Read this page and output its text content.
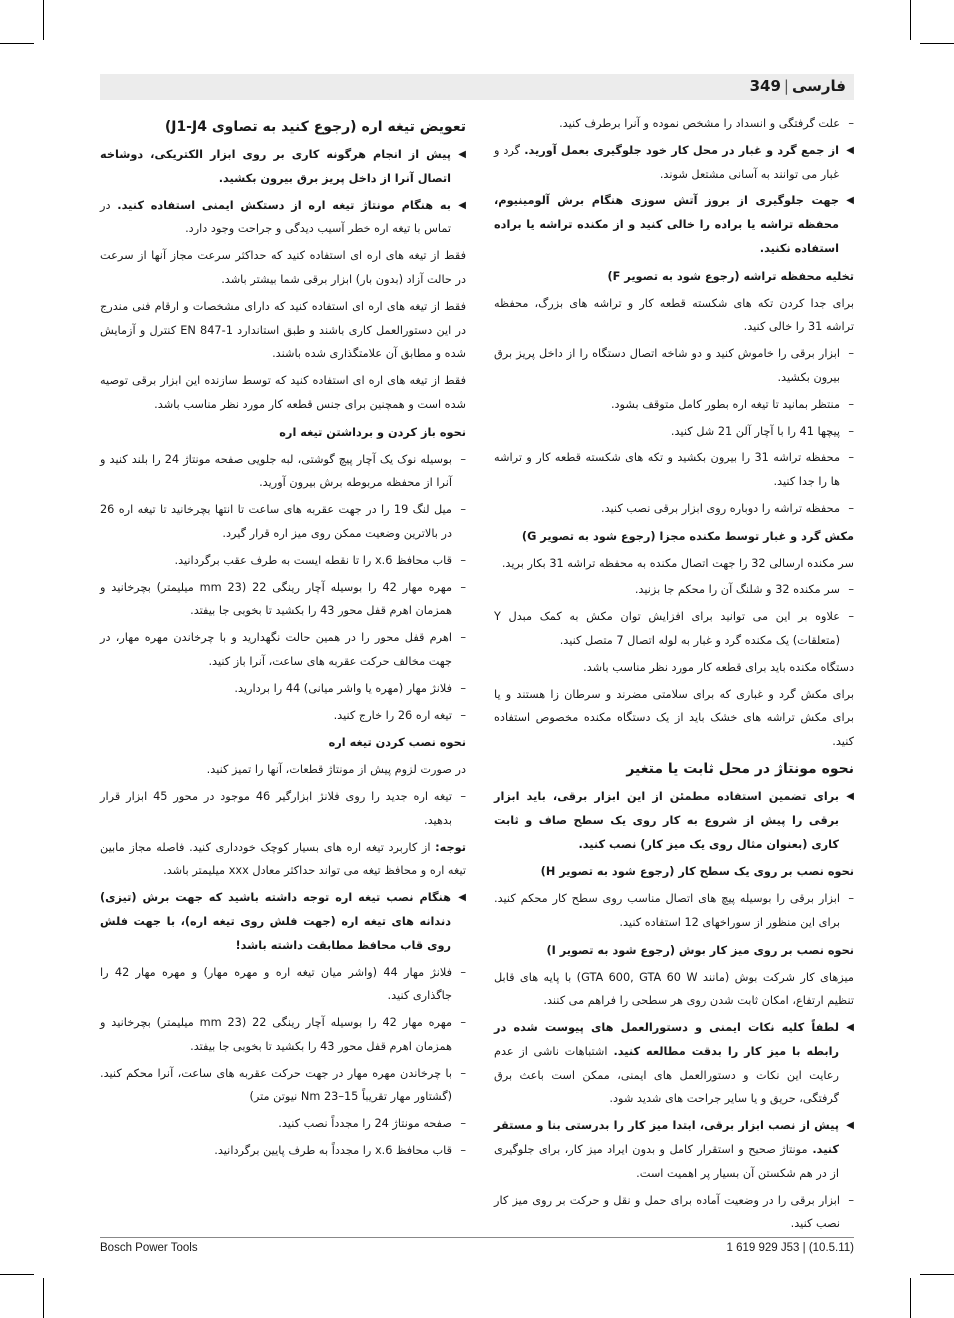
فارسی|349

– علت گرفتگی و انسداد را مشخص نموده و آنرا برطرف کنید.

◀ از جمع گرد و غبار در محل کار خود جلوگیری بعمل آورید. گرد و غبار می توانند به آسانی مشتعل شوند.

◀ جهت جلوگیری از بروز آتش سوزی هنگام برش آلومینیوم، محفظه تراشه یا براده را خالی کنید و از مکنده تراشه یا براده استفاده نکنید.

تخلیه محفظه تراشه (رجوع شود به تصویر F)

برای جدا کردن تکه های شکسته قطعه کار و تراشه های بزرگ، محفظه تراشه 31 را خالی کنید.

– ابزار برقی را خاموش کنید و دو شاخه اتصال دستگاه را از داخل پریز برق بیرون بکشید.

– منتظر بمانید تا تیغه اره بطور کامل متوقف بشود.

– پیچها 41 را با آچار آلن 21 شل کنید.

– محفظه تراشه 31 را بیرون بکشید و تکه های شکسته قطعه کار و تراشه ها را جدا کنید.

– محفظه تراشه را دوباره روی ابزار برقی نصب کنید.

مکش گرد و غبار توسط مکنده مجزا (رجوع شود به تصویر G)

سر مکنده ارسالی 32 را جهت اتصال مکنده به محفظه تراشه 31 بکار برید.

– سر مکنده 32 و شلنگ آن را محکم جا بزنید.

– علاوه بر این می توانید برای افزایش توان مکش به کمک مبدل Y (متعلقات) یک مکنده گرد و غبار به لوله اتصال 7 متصل کنید.

دستگاه مکنده باید برای قطعه کار مورد نظر مناسب باشد.

برای مکش گرد و غباری که برای سلامتی مضرند و سرطان زا هستند و یا برای مکش تراشه های خشک باید از یک دستگاه مکنده مخصوص استفاده کنید.

نحوه مونتاژ در محل ثابت یا متغیر

◀ برای تضمین استفاده مطمئن از این ابزار برقی، باید ابزار برقی را پیش از شروع به کار روی یک سطح صاف و ثابت کاری (بعنوان مثال روی یک میز کار) نصب کنید.

نحوه نصب بر روی یک سطح کار (رجوع شود به تصویر H)

– ابزار برقی را بوسیله پیچ های اتصال مناسب روی سطح کار محکم کنید. برای این منظور از سوراخهای 12 استفاده کنید.

نحوه نصب بر روی میز کار بوش (رجوع شود به تصویر I)

میزهای کار شرکت بوش (مانند GTA 600, GTA 60 W) با پایه های قابل تنظیم ارتفاع، امکان ثابت شدن روی هر سطحی را فراهم می کنند.

◀ لطفاً کلیه نکات ایمنی و دستورالعمل های پیوست شده در رابطه با میز کار را بدقت مطالعه کنید. اشتباهات ناشی از عدم رعایت این نکات و دستورالعمل های ایمنی، ممکن است باعث برق گرفتگی، حریق و یا سایر جراحت های شدید شود.

◀ پیش از نصب ابزار برقی، ابتدا میز کار را بدرستی بنا و مستقر کنید. مونتاژ صحیح و استقرار کامل و بدون ایراد میز کار، برای جلوگیری از در هم شکستن آن بسیار پر اهمیت است.

– ابزار برقی را در وضعیت آماده برای حمل و نقل و حرکت بر روی میز کار نصب کنید.

تعویض تیغه اره (رجوع کنید به تصاوی J1-J4)

◀ پیش از انجام هرگونه کاری بر روی ابزار الکتریکی، دوشاخه اتصال آنرا از داخل پریز برق بیرون بکشید.

◀ به هنگام مونتاژ تیغه اره از دستکش ایمنی استفاده کنید. در تماس با تیغه اره خطر آسیب دیدگی و جراحت وجود دارد.

فقط از تیغه های اره ای استفاده کنید که حداکثر سرعت مجاز آنها از سرعت در حالت آزاد (بدون بار) ابزار برقی شما بیشتر باشد.

فقط از تیغه های اره ای استفاده کنید که دارای مشخصات و ارقام فنی مندرج در این دستورالعمل کاری باشند و طبق استاندارد EN 847-1 کنترل و آزمایش شده و مطابق آن علامتگذاری شده باشند.

فقط از تیغه های اره ای استفاده کنید که توسط سازنده این ابزار برقی توصیه شده است و همچنین برای جنس قطعه کار مورد نظر مناسب باشد.

نحوه باز کردن و برداشتن تیغه اره

– بوسیله نوک یک آچار پیچ گوشتی، لبه جلویی صفحه مونتاژ 24 را بلند کنید و آنرا از محفظه مربوطه برش بیرون آورید.

– میل لنگ 19 را در جهت عقربه های ساعت تا انتها بچرخانید تا تیغه اره 26 در بالاترین وضعیت ممکن روی میز اره قرار گیرد.

– قاب محافظ 6.x را تا نقطه ایست به طرف عقب برگردانید.

– مهره مهار 42 را بوسیله آچار رینگی 22 (23 mm میلیمتر) بچرخانید و همزمان اهرم قفل محور 43 را بکشید تا بخوبی جا بیفتد.

– اهرم قفل محور را در همین حالت نگهدارید و با چرخاندن مهره مهار، در جهت مخالف حرکت عقربه های ساعت، آنرا باز کنید.

– فلانژ مهار (مهره یا واشر میانی) 44 را بردارید.

– تیغه اره 26 را خارج کنید.

نحوه نصب کردن تیغه اره

در صورت لزوم پیش از مونتاژ قطعات، آنها را تمیز کنید.

– تیغه اره جدید را روی فلانژ ابزارگیر 46 موجود در محور 45 ابزار قرار بدهید.

توجه: از کاربرد تیغه اره های بسیار کوچک خودداری کنید. فاصله مجاز مابین تیغه اره و محافظ تیغه می تواند حداکثر معادل xxx میلیمتر باشد.

◀ هنگام نصب تیغه اره توجه داشته باشید که جهت برش (تیزی) دندانه های تیغه اره (جهت فلش روی تیغه اره)، با جهت فلش روی قاب محافظ مطابقت داشته باشد!

– فلانژ مهار 44 (واشر میان تیغه اره و مهره مهار) و مهره مهار 42 را جاگذاری کنید.

– مهره مهار 42 را بوسیله آچار رینگی 22 (23 mm میلیمتر) بچرخانید و همزمان اهرم قفل محور 43 را بکشید تا بخوبی جا بیفتد.

– با چرخاندن مهره مهار در جهت حرکت عقربه های ساعت، آنرا محکم کنید. (گشتاور مهار تقریباً 15–23 Nm نیوتن متر)

– صفحه مونتاژ 24 را مجدداً نصب کنید.

– قاب محافظ 6.x را مجدداً به طرف پایین برگردانید.

Bosch Power Tools	1 619 929 J53 | (10.5.11)
